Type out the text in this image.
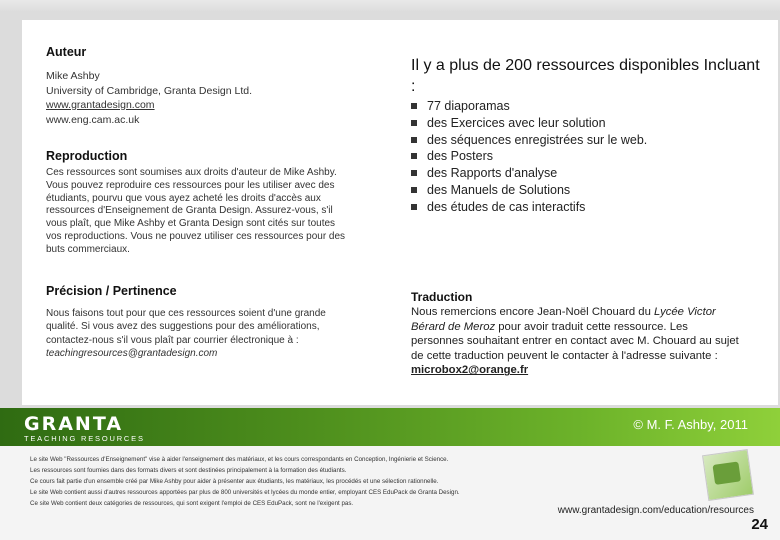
Auteur
Mike Ashby
University of Cambridge, Granta Design Ltd.
www.grantadesign.com
www.eng.cam.ac.uk
Reproduction
Ces ressources sont soumises aux droits d'auteur de Mike Ashby. Vous pouvez reproduire ces ressources pour les utiliser avec des étudiants, pourvu que vous ayez acheté les droits d'accès aux ressources d'Enseignement de Granta Design. Assurez-vous, s'il vous plaît, que Mike Ashby et Granta Design sont cités sur toutes vos reproductions. Vous ne pouvez utiliser ces ressources pour des buts commerciaux.
Précision / Pertinence
Nous faisons tout pour que ces ressources soient d'une grande qualité. Si vous avez des suggestions pour des améliorations, contactez-nous s'il vous plaît par courrier électronique à :
teachingresources@grantadesign.com
Il y a plus de 200 ressources disponibles Incluant :
77 diaporamas
des Exercices avec leur solution
des séquences enregistrées sur le web.
des Posters
des Rapports d'analyse
des Manuels de Solutions
des études de cas interactifs
Traduction
Nous remercions encore Jean-Noël Chouard du Lycée Victor Bérard de Meroz pour avoir traduit cette ressource. Les personnes souhaitant entrer en contact avec M. Chouard au sujet de cette traduction peuvent le contacter à l'adresse suivante : microbox2@orange.fr
GRANTA
TEACHING RESOURCES
© M. F. Ashby, 2011
Le site Web "Ressources d'Enseignement" vise à aider l'enseignement des matériaux, et les cours correspondants en Conception, Ingénierie et Science.
Les ressources sont fournies dans des formats divers et sont destinées principalement à la formation des étudiants.
Ce cours fait partie d'un ensemble créé par Mike Ashby pour aider à présenter aux étudiants, les matériaux, les procédés et une sélection rationnelle.
Le site Web contient aussi d'autres ressources apportées par plus de 800 universités et lycées du monde entier, employant CES EduPack de Granta Design.
Ce site Web contient deux catégories de ressources, qui sont exigent l'emploi de CES EduPack, sont ne l'exigent pas.
www.grantadesign.com/education/resources
24
